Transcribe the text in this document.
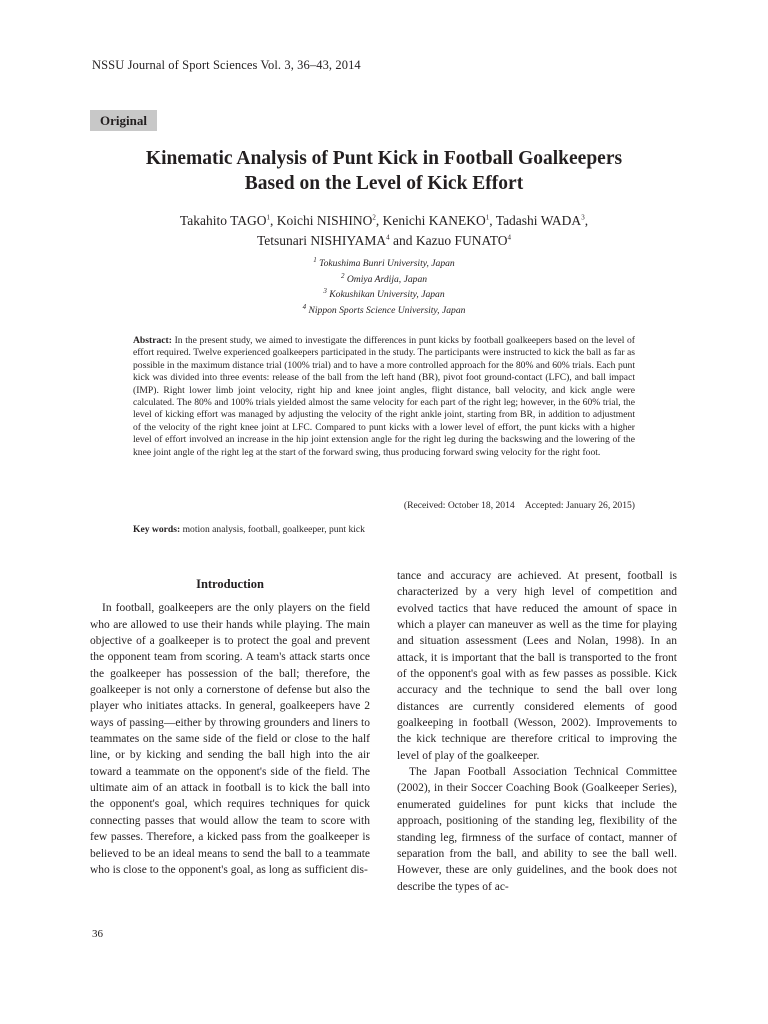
NSSU Journal of Sport Sciences Vol. 3, 36–43, 2014
Original
Kinematic Analysis of Punt Kick in Football Goalkeepers
Based on the Level of Kick Effort
Takahito TAGO$^1$, Koichi NISHINO$^2$, Kenichi KANEKO$^1$, Tadashi WADA$^3$,
Tetsunari NISHIYAMA$^4$ and Kazuo FUNATO$^4$
$^1$ Tokushima Bunri University, Japan
$^2$ Omiya Ardija, Japan
$^3$ Kokushikan University, Japan
$^4$ Nippon Sports Science University, Japan
Abstract: In the present study, we aimed to investigate the differences in punt kicks by football goalkeepers based on the level of effort required. Twelve experienced goalkeepers participated in the study. The participants were instructed to kick the ball as far as possible in the maximum distance trial (100% trial) and to have a more controlled approach for the 80% and 60% trials. Each punt kick was divided into three events: release of the ball from the left hand (BR), pivot foot ground-contact (LFC), and ball impact (IMP). Right lower limb joint velocity, right hip and knee joint angles, flight distance, ball velocity, and kick angle were calculated. The 80% and 100% trials yielded almost the same velocity for each part of the right leg; however, in the 60% trial, the level of kicking effort was managed by adjusting the velocity of the right ankle joint, starting from BR, in addition to adjustment of the velocity of the right knee joint at LFC. Compared to punt kicks with a lower level of effort, the punt kicks with a higher level of effort involved an increase in the hip joint extension angle for the right leg during the backswing and the lowering of the knee joint angle of the right leg at the start of the forward swing, thus producing forward swing velocity for the right foot.
(Received: October 18, 2014 Accepted: January 26, 2015)
Key words: motion analysis, football, goalkeeper, punt kick

Introduction

In football, goalkeepers are the only players on the field who are allowed to use their hands while playing. The main objective of a goalkeeper is to protect the goal and prevent the opponent team from scoring. A team's attack starts once the goalkeeper has possession of the ball; therefore, the goalkeeper is not only a cornerstone of defense but also the player who initiates attacks. In general, goalkeepers have 2 ways of passing—either by throwing grounders and liners to teammates on the same side of the field or close to the half line, or by kicking and sending the ball high into the air toward a teammate on the opponent's side of the field. The ultimate aim of an attack in football is to kick the ball into the opponent's goal, which requires techniques for quick connecting passes that would allow the team to score with few passes. Therefore, a kicked pass from the goalkeeper is believed to be an ideal means to send the ball to a teammate who is close to the opponent's goal, as long as sufficient dis-

tance and accuracy are achieved. At present, football is characterized by a very high level of competition and evolved tactics that have reduced the amount of space in which a player can maneuver as well as the time for playing and situation assessment (Lees and Nolan, 1998). In an attack, it is important that the ball is transported to the front of the opponent's goal with as few passes as possible. Kick accuracy and the technique to send the ball over long distances are currently considered elements of good goalkeeping in football (Wesson, 2002). Improvements to the kick technique are therefore critical to improving the level of play of the goalkeeper.

The Japan Football Association Technical Committee (2002), in their Soccer Coaching Book (Goalkeeper Series), enumerated guidelines for punt kicks that include the approach, positioning of the standing leg, flexibility of the standing leg, firmness of the surface of contact, manner of separation from the ball, and ability to see the ball well. However, these are only guidelines, and the book does not describe the types of ac-

36
